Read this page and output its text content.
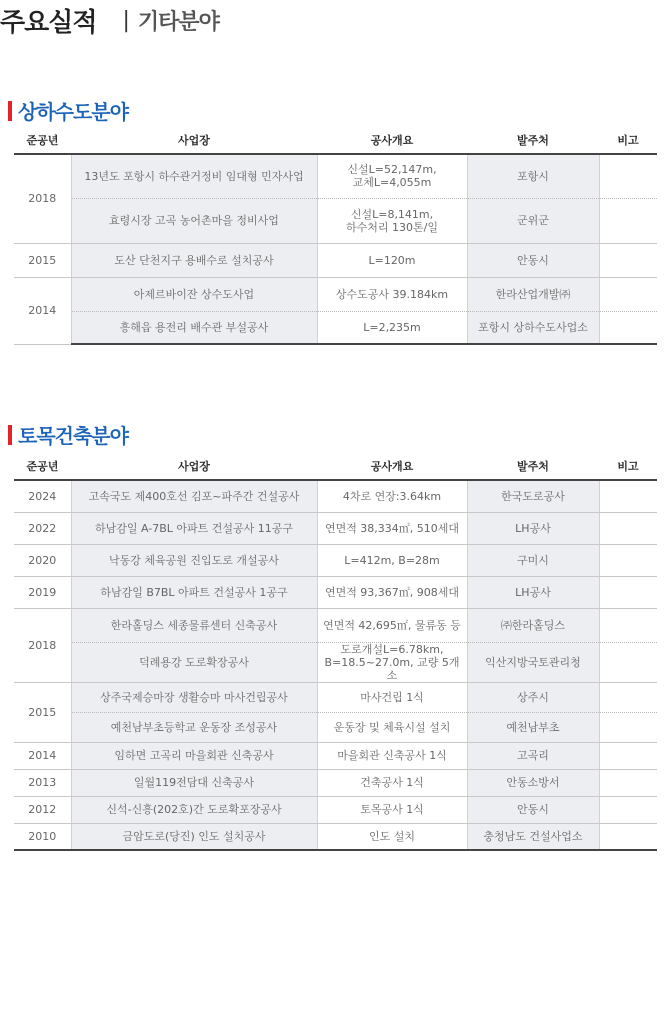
주요실적 | 기타분야
상하수도분야
준공년	사업장	공사개요	발주처	비고
2018	13년도 포항시 하수관거정비 임대형 민자사업	신설L=52,147m,
교체L=4,055m	포항시	
	효령시장 고곡 농어촌마을 정비사업	신설L=8,141m,
하수처리 130톤/일	군위군	
2015	도산 단천지구 용배수로 설치공사	L=120m	안동시	
2014	아제르바이잔 상수도사업	상수도공사 39.184km	한라산업개발㈜	
	흥해읍 용전리 배수관 부설공사	L=2,235m	포항시 상하수도사업소	
토목건축분야
준공년	사업장	공사개요	발주처	비고
2024	고속국도 제400호선 김포~파주간 건설공사	4차로 연장:3.64km	한국도로공사	
2022	하남감일 A-7BL 아파트 건설공사 11공구	연면적 38,334㎡, 510세대	LH공사	
2020	낙동강 체육공원 진입도로 개설공사	L=412m, B=28m	구미시	
2019	하남감일 B7BL 아파트 건설공사 1공구	연면적 93,367㎡, 908세대	LH공사	
2018	한라홀딩스 세종물류센터 신축공사	연면적 42,695㎡, 물류동 등	㈜한라홀딩스	
	덕례용강 도로확장공사	도로개설L=6.78km,
B=18.5~27.0m, 교량 5개소	익산지방국토관리청	
2015	상주국제승마장 생활승마 마사건립공사	마사건립 1식	상주시	
	예천남부초등학교 운동장 조성공사	운동장 및 체육시설 설치	예천남부초	
2014	임하면 고곡리 마을회관 신축공사	마을회관 신축공사 1식	고곡리	
2013	일월119전담대 신축공사	건축공사 1식	안동소방서	
2012	신석-신흥(202호)간 도로확포장공사	토목공사 1식	안동시	
2010	금암도로(당진) 인도 설치공사	인도 설치	충청남도 건설사업소	
